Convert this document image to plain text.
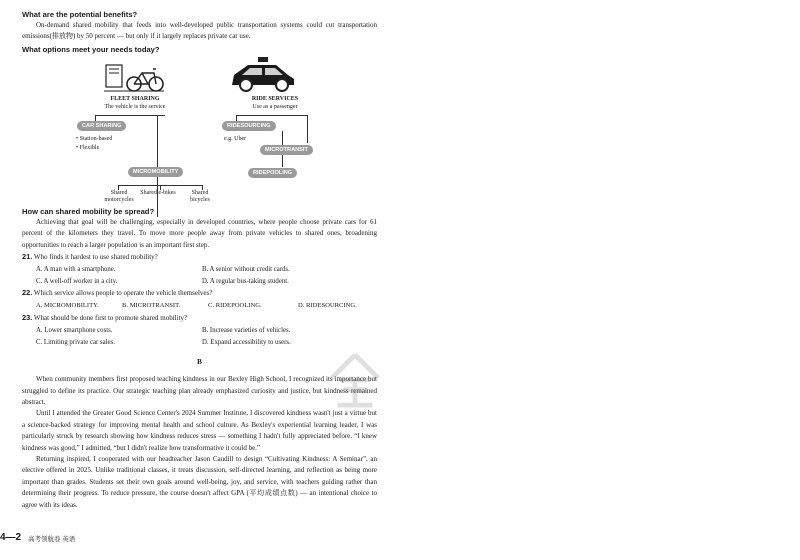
What are the potential benefits?

On-demand shared mobility that feeds into well-developed public transportation systems could cut transportation emissions(排放物) by 50 percent — but only if it largely replaces private car use.

What options meet your needs today?

FLEET SHARING
The vehicle is the service
RIDE SERVICES
Use as a passenger
CAR SHARING
• Station-based
• Flexible
MICROMOBILITY
Shared motorcycles
Shared e-bikes	Shared bicycles
RIDESOURCING
e.g. Uber
MICROTRANSIT
RIDEPOOLING

How can shared mobility be spread?

Achieving that goal will be challenging, especially in developed countries, where people choose private cars for 61 percent of the kilometers they travel. To move more people away from private vehicles to shared ones, broadening opportunities to reach a larger population is an important first step.

21. Who finds it hardest to use shared mobility?

A. A man with a smartphone.	B. A senior without credit cards.
C. A well-off worker in a city.	D. A regular bus-taking student.

22. Which service allows people to operate the vehicle themselves?

A. MICROMOBILITY.	B. MICROTRANSIT.	C. RIDEPOOLING.	D. RIDESOURCING.

23. What should be done first to promote shared mobility?

A. Lower smartphone costs.	B. Increase varieties of vehicles.
C. Limiting private car sales.	D. Expand accessibility to users.

B

When community members first proposed teaching kindness in our Bexley High School, I recognized its importance but struggled to define its practice. Our strategic teaching plan already emphasized curiosity and justice, but kindness remained abstract.

Until I attended the Greater Good Science Center's 2024 Summer Institute, I discovered kindness wasn't just a virtue but a science-backed strategy for improving mental health and school culture. As Bexley's experiential learning leader, I was particularly struck by research showing how kindness reduces stress — something I hadn't fully appreciated before. “I knew kindness was good,” I admitted, “but I didn't realize how transformative it could be.”

Returning inspired, I cooperated with our headteacher Jason Caudill to design “Cultivating Kindness: A Seminar”, an elective offered in 2025. Unlike traditional classes, it treats discussion, self-directed learning, and reflection as being more important than grades. Students set their own goals around well-being, joy, and service, with teachers guiding rather than determining their progress. To reduce pressure, the course doesn't affect GPA (平均成绩点数) — an intentional choice to agree with its ideas.

4—2 高考领航卷 英语
